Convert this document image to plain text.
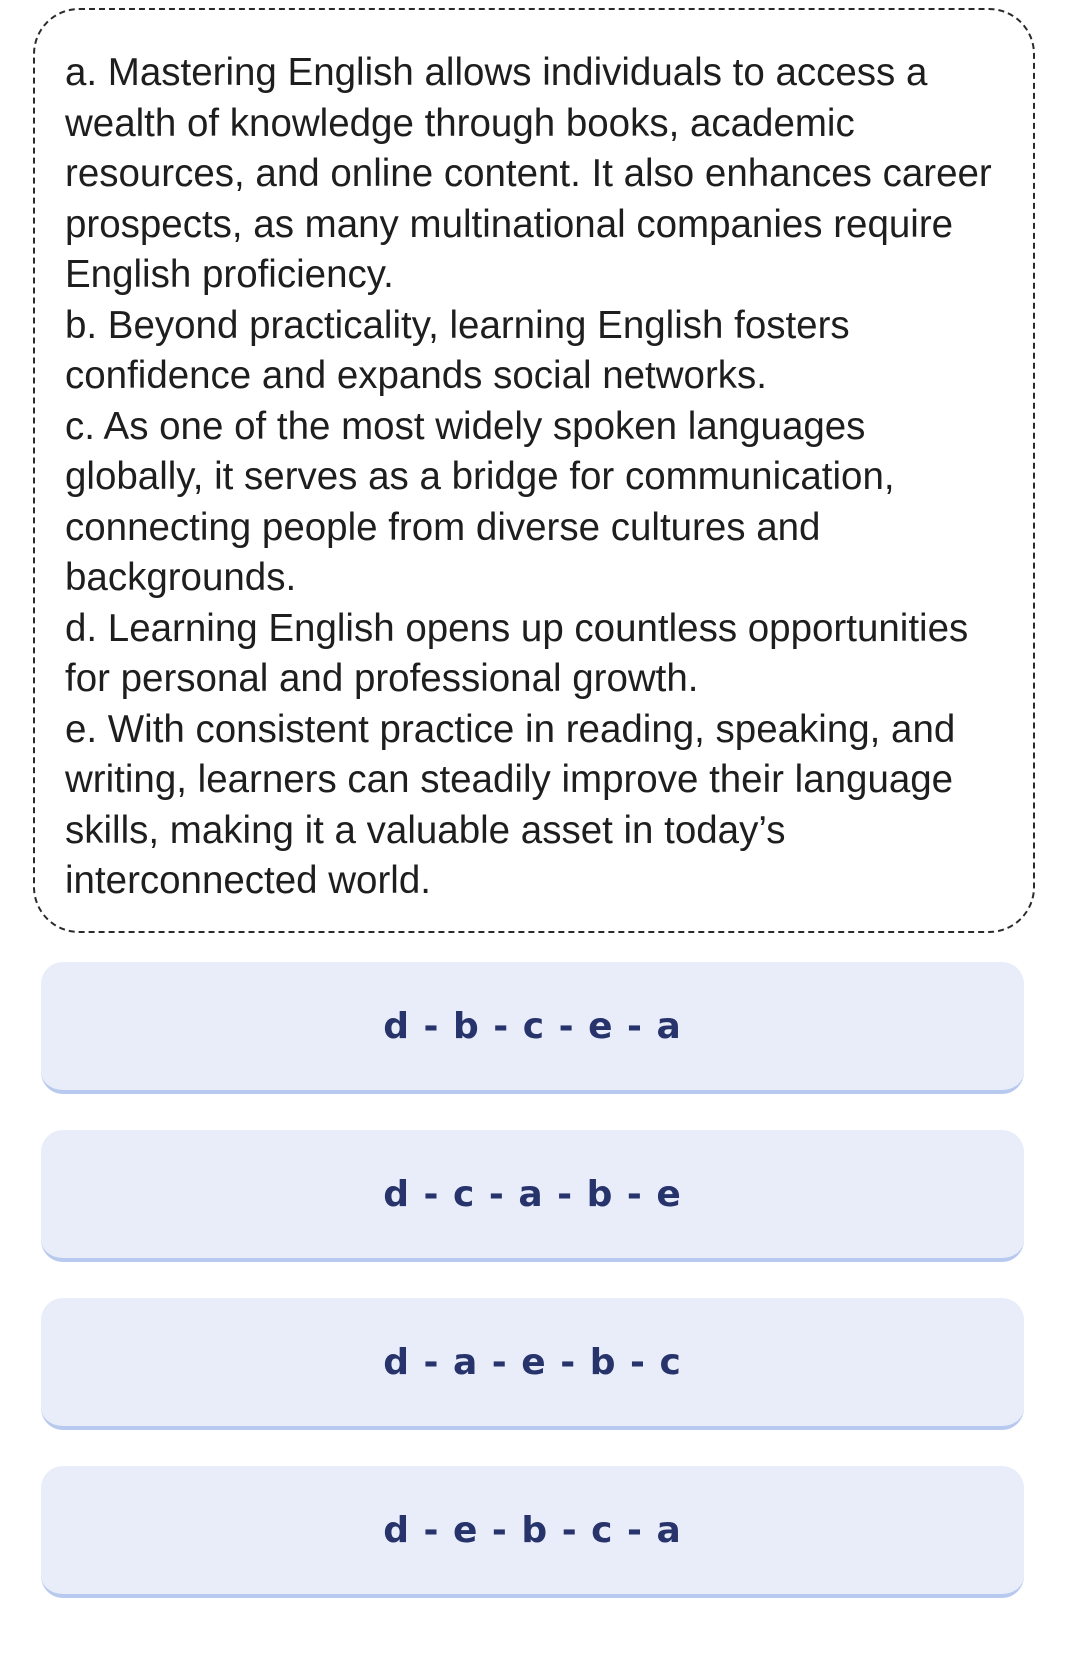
a. Mastering English allows individuals to access a wealth of knowledge through books, academic resources, and online content. It also enhances career prospects, as many multinational companies require English proficiency.

b. Beyond practicality, learning English fosters confidence and expands social networks.

c. As one of the most widely spoken languages globally, it serves as a bridge for communication, connecting people from diverse cultures and backgrounds.

d. Learning English opens up countless opportunities for personal and professional growth.

e. With consistent practice in reading, speaking, and writing, learners can steadily improve their language skills, making it a valuable asset in today’s interconnected world.

d - b - c - e - a
d - c - a - b - e
d - a - e - b - c
d - e - b - c - a
